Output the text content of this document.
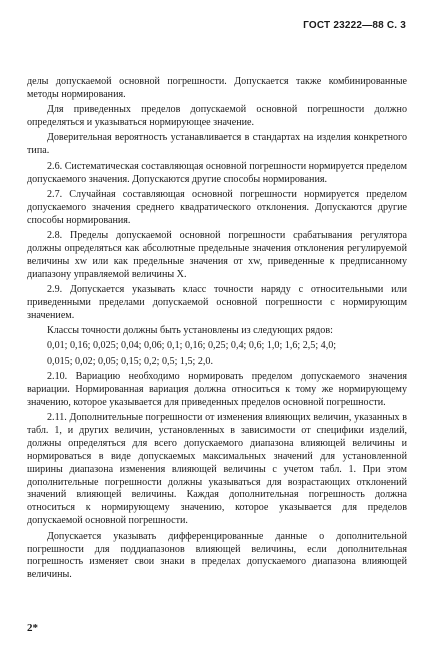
ГОСТ 23222—88 С. 3

делы допускаемой основной погрешности. Допускается также комбинированные методы нормирования.

Для приведенных пределов допускаемой основной погрешности должно определяться и указываться нормирующее значение.

Доверительная вероятность устанавливается в стандартах на изделия конкретного типа.

2.6. Систематическая составляющая основной погрешности нормируется пределом допускаемого значения. Допускаются другие способы нормирования.

2.7. Случайная составляющая основной погрешности нормируется пределом допускаемого значения среднего квадратического отклонения. Допускаются другие способы нормирования.

2.8. Пределы допускаемой основной погрешности срабатывания регулятора должны определяться как абсолютные предельные значения отклонения регулируемой величины xw или как предельные значения от xw, приведенные к предписанному диапазону управляемой величины X.

2.9. Допускается указывать класс точности наряду с относительными или приведенными пределами допускаемой основной погрешности с нормирующим значением.

Классы точности должны быть установлены из следующих рядов:

0,01; 0,16; 0,025; 0,04; 0,06; 0,1; 0,16; 0,25; 0,4; 0,6; 1,0; 1,6; 2,5; 4,0;

0,015; 0,02; 0,05; 0,15; 0,2; 0,5; 1,5; 2,0.

2.10. Вариацию необходимо нормировать пределом допускаемого значения вариации. Нормированная вариация должна относиться к тому же нормирующему значению, которое указывается для приведенных пределов основной погрешности.

2.11. Дополнительные погрешности от изменения влияющих величин, указанных в табл. 1, и других величин, установленных в зависимости от специфики изделий, должны определяться для всего допускаемого диапазона влияющей величины и нормироваться в виде допускаемых максимальных значений для установленной ширины диапазона изменения влияющей величины с учетом табл. 1. При этом дополнительные погрешности должны указываться для возрастающих отклонений значений влияющей величины. Каждая дополнительная погрешность должна относиться к нормирующему значению, которое указывается для пределов допускаемой основной погрешности.

Допускается указывать дифференцированные данные о дополнительной погрешности для поддиапазонов влияющей величины, если дополнительная погрешность изменяет свои знаки в пределах допускаемого диапазона влияющей величины.

2*
